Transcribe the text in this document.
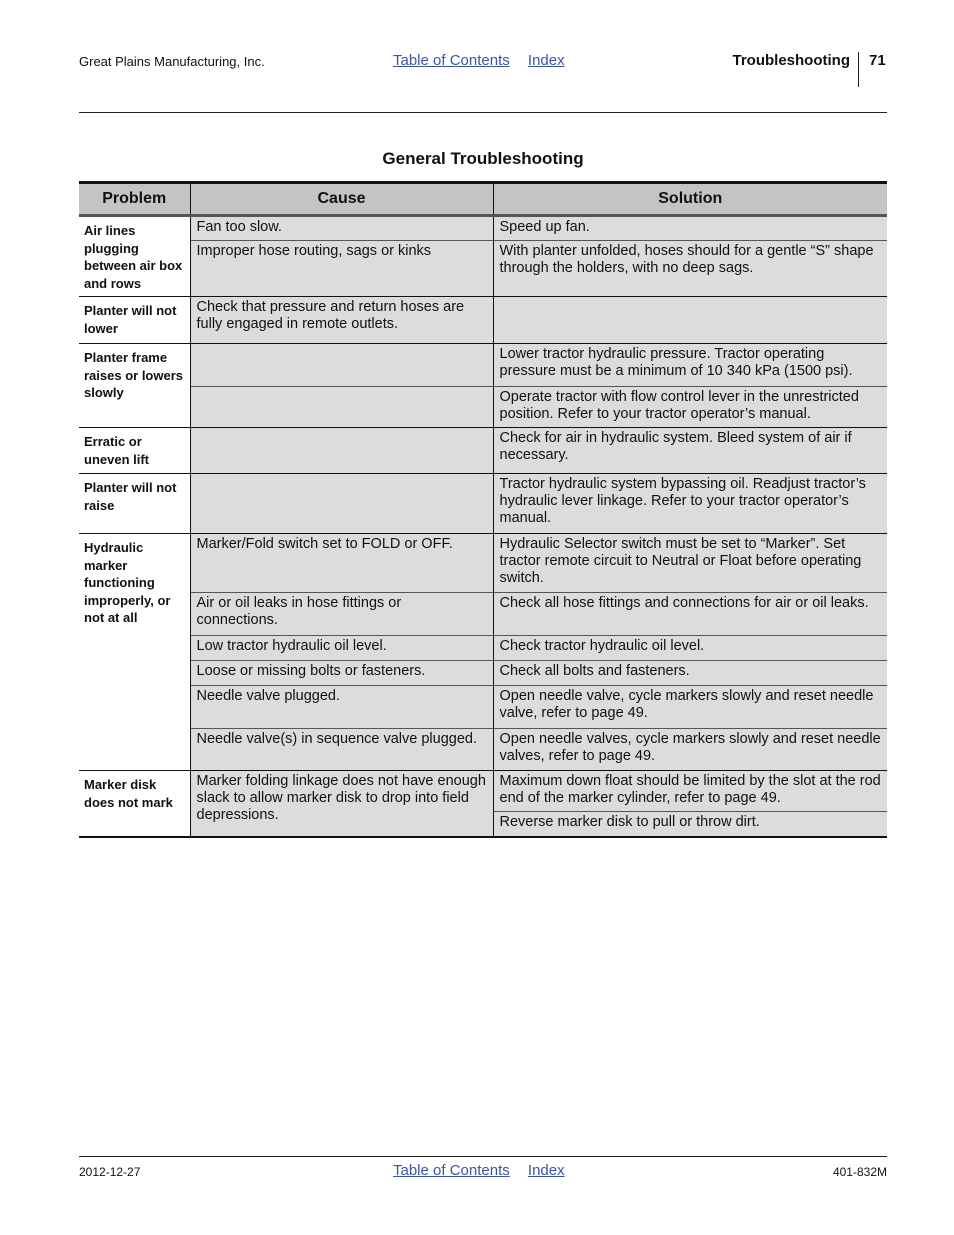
Great Plains Manufacturing, Inc.	Table of Contents Index	Troubleshooting 71
General Troubleshooting
Problem	Cause	Solution
Air lines plugging between air box and rows	Fan too slow.	Speed up fan.
	Improper hose routing, sags or kinks	With planter unfolded, hoses should for a gentle “S” shape through the holders, with no deep sags.
Planter will not lower	Check that pressure and return hoses are fully engaged in remote outlets.	
Planter frame raises or lowers slowly		Lower tractor hydraulic pressure. Tractor operating pressure must be a minimum of 10 340 kPa (1500 psi).
		Operate tractor with flow control lever in the unrestricted position. Refer to your tractor operator’s manual.
Erratic or uneven lift		Check for air in hydraulic system. Bleed system of air if necessary.
Planter will not raise		Tractor hydraulic system bypassing oil. Readjust tractor’s hydraulic lever linkage. Refer to your tractor operator’s manual.
Hydraulic marker functioning improperly, or not at all	Marker/Fold switch set to FOLD or OFF.	Hydraulic Selector switch must be set to “Marker”. Set tractor remote circuit to Neutral or Float before operating switch.
	Air or oil leaks in hose fittings or connections.	Check all hose fittings and connections for air or oil leaks.
	Low tractor hydraulic oil level.	Check tractor hydraulic oil level.
	Loose or missing bolts or fasteners.	Check all bolts and fasteners.
	Needle valve plugged.	Open needle valve, cycle markers slowly and reset needle valve, refer to page 49.
	Needle valve(s) in sequence valve plugged.	Open needle valves, cycle markers slowly and reset needle valves, refer to page 49.
Marker disk does not mark	Marker folding linkage does not have enough slack to allow marker disk to drop into field depressions.	Maximum down float should be limited by the slot at the rod end of the marker cylinder, refer to page 49.
		Reverse marker disk to pull or throw dirt.
2012-12-27	Table of Contents Index	401-832M
